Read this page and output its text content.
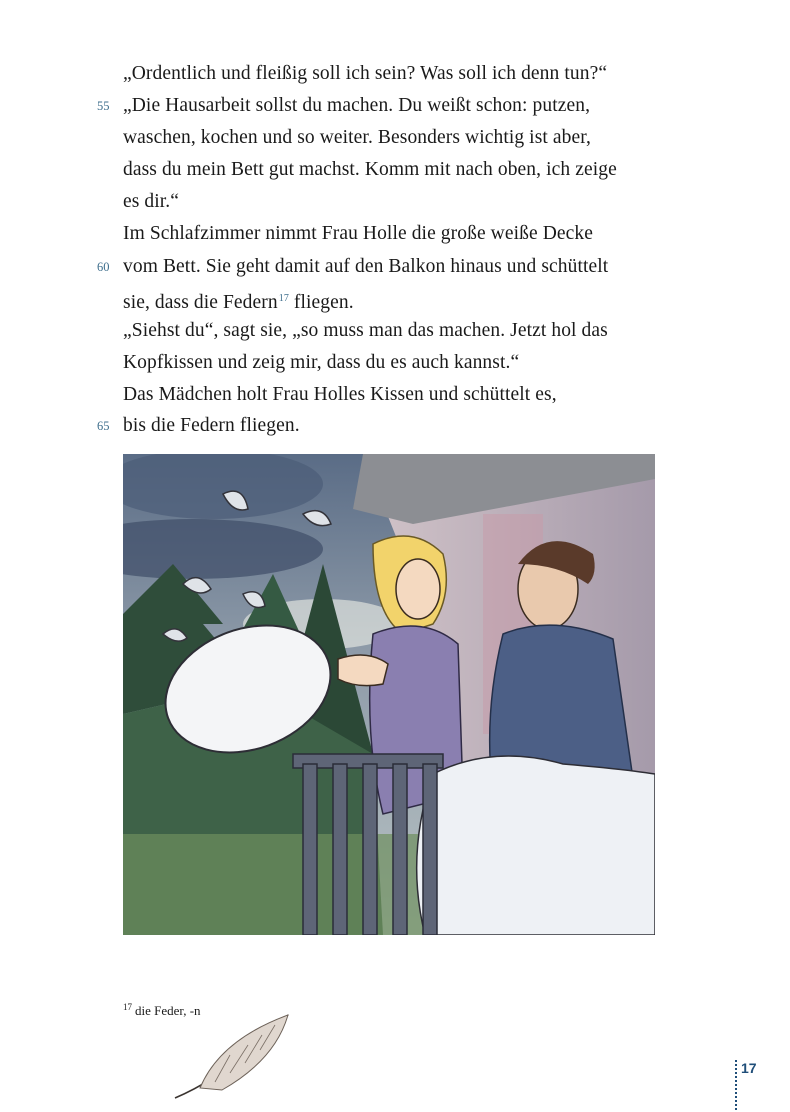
55
60
65
„Ordentlich und fleißig soll ich sein? Was soll ich denn tun?“
„Die Hausarbeit sollst du machen. Du weißt schon: putzen,
waschen, kochen und so weiter. Besonders wichtig ist aber,
dass du mein Bett gut machst. Komm mit nach oben, ich zeige
es dir.“
Im Schlafzimmer nimmt Frau Holle die große weiße Decke
vom Bett. Sie geht damit auf den Balkon hinaus und schüttelt
sie, dass die Federn$^{17}$ fliegen.
„Siehst du“, sagt sie, „so muss man das machen. Jetzt hol das
Kopfkissen und zeig mir, dass du es auch kannst.“
Das Mädchen holt Frau Holles Kissen und schüttelt es,
bis die Federn fliegen.
$^{17}$ die Feder, -n
17
